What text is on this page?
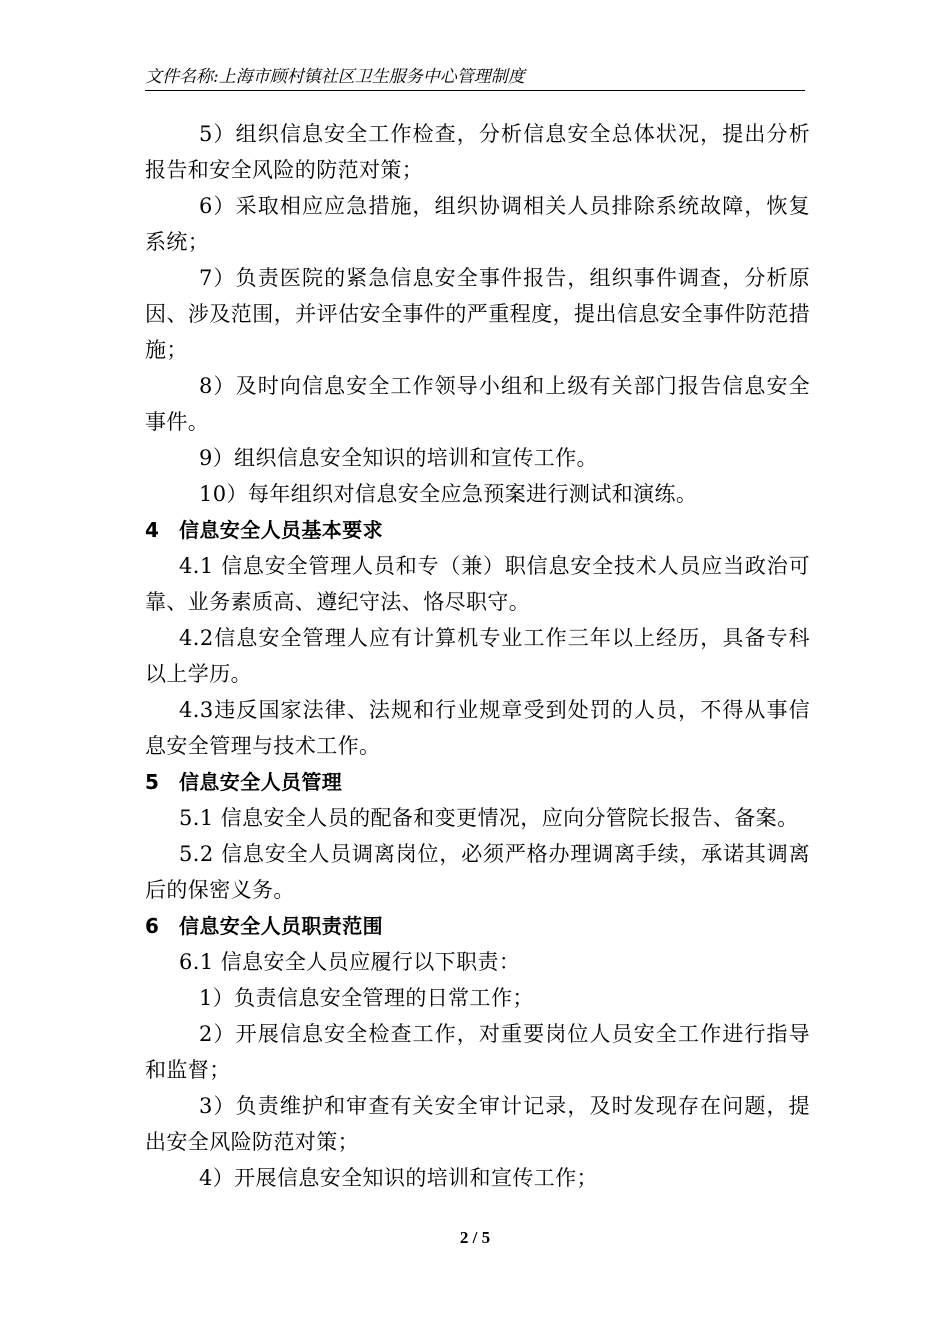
文件名称:上海市顾村镇社区卫生服务中心管理制度

5）组织信息安全工作检查，分析信息安全总体状况，提出分析报告和安全风险的防范对策；

6）采取相应应急措施，组织协调相关人员排除系统故障，恢复系统；

7）负责医院的紧急信息安全事件报告，组织事件调查，分析原因、涉及范围，并评估安全事件的严重程度，提出信息安全事件防范措施；

8）及时向信息安全工作领导小组和上级有关部门报告信息安全事件。

9）组织信息安全知识的培训和宣传工作。

10）每年组织对信息安全应急预案进行测试和演练。

4 信息安全人员基本要求

4.1 信息安全管理人员和专（兼）职信息安全技术人员应当政治可靠、业务素质高、遵纪守法、恪尽职守。

4.2信息安全管理人应有计算机专业工作三年以上经历，具备专科以上学历。

4.3违反国家法律、法规和行业规章受到处罚的人员，不得从事信息安全管理与技术工作。

5 信息安全人员管理

5.1 信息安全人员的配备和变更情况，应向分管院长报告、备案。

5.2 信息安全人员调离岗位，必须严格办理调离手续，承诺其调离后的保密义务。

6 信息安全人员职责范围

6.1 信息安全人员应履行以下职责：

1）负责信息安全管理的日常工作；

2）开展信息安全检查工作，对重要岗位人员安全工作进行指导和监督；

3）负责维护和审查有关安全审计记录，及时发现存在问题，提出安全风险防范对策；

4）开展信息安全知识的培训和宣传工作；

2 / 5
